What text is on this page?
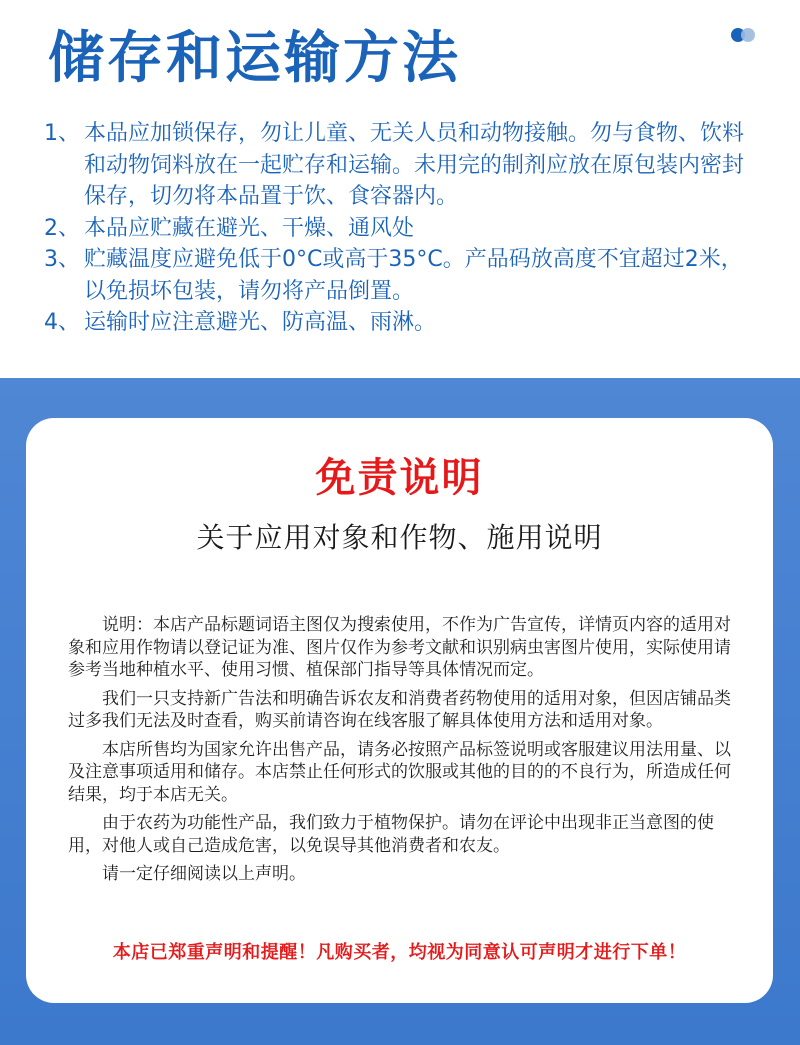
储存和运输方法
1、 本品应加锁保存，勿让儿童、无关人员和动物接触。勿与食物、饮料和动物饲料放在一起贮存和运输。未用完的制剂应放在原包装内密封保存，切勿将本品置于饮、食容器内。
2、 本品应贮藏在避光、干燥、通风处
3、 贮藏温度应避免低于0°C或高于35°C。产品码放高度不宜超过2米，以免损坏包装，请勿将产品倒置。
4、 运输时应注意避光、防高温、雨淋。
免责说明
关于应用对象和作物、施用说明

说明：本店产品标题词语主图仅为搜索使用，不作为广告宣传，详情页内容的适用对象和应用作物请以登记证为准、图片仅作为参考文献和识别病虫害图片使用，实际使用请参考当地种植水平、使用习惯、植保部门指导等具体情况而定。

我们一只支持新广告法和明确告诉农友和消费者药物使用的适用对象，但因店铺品类过多我们无法及时查看，购买前请咨询在线客服了解具体使用方法和适用对象。

本店所售均为国家允许出售产品，请务必按照产品标签说明或客服建议用法用量、以及注意事项适用和储存。本店禁止任何形式的饮服或其他的目的的不良行为，所造成任何结果，均于本店无关。

由于农药为功能性产品，我们致力于植物保护。请勿在评论中出现非正当意图的使用，对他人或自己造成危害，以免误导其他消费者和农友。

请一定仔细阅读以上声明。

本店已郑重声明和提醒！凡购买者，均视为同意认可声明才进行下单！
